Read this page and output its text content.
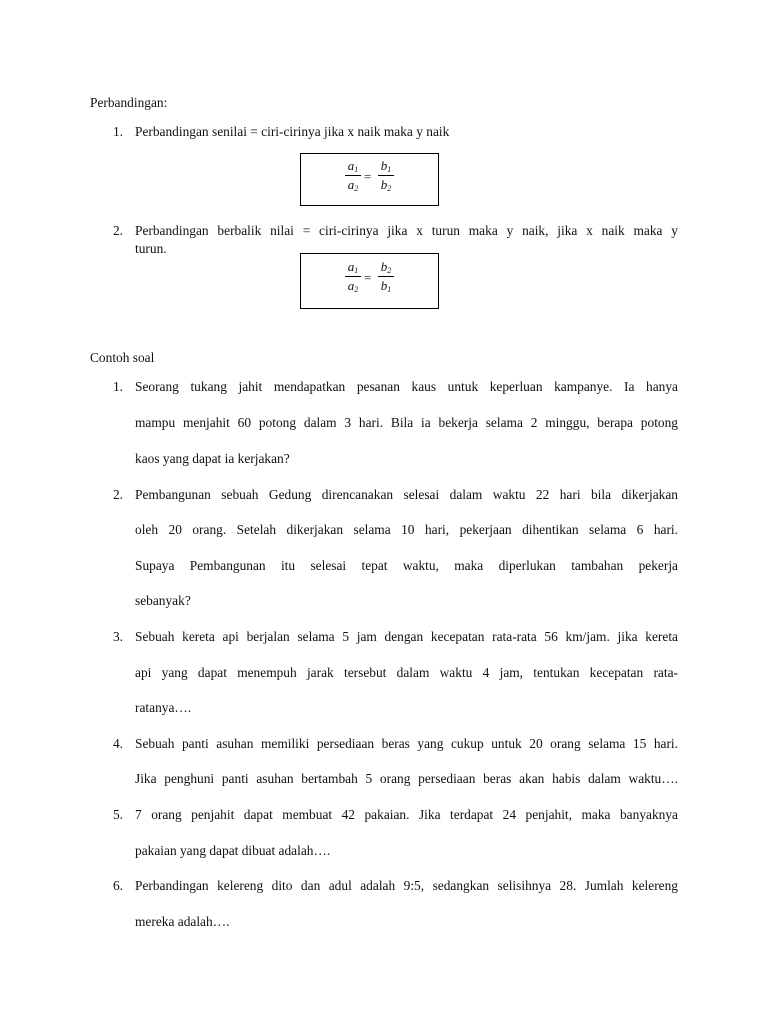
Perbandingan:
1. Perbandingan senilai = ciri-cirinya jika x naik maka y naik
$a_1$
$a_2$
=
$b_1$
$b_2$
2. Perbandingan berbalik nilai = ciri-cirinya jika x turun maka y naik, jika x naik maka y
turun.
$a_1$
$a_2$
=
$b_2$
$b_1$
Contoh soal
1. Seorang tukang jahit mendapatkan pesanan kaus untuk keperluan kampanye. Ia hanya
mampu menjahit 60 potong dalam 3 hari. Bila ia bekerja selama 2 minggu, berapa potong
kaos yang dapat ia kerjakan?
2. Pembangunan sebuah Gedung direncanakan selesai dalam waktu 22 hari bila dikerjakan
oleh 20 orang. Setelah dikerjakan selama 10 hari, pekerjaan dihentikan selama 6 hari.
Supaya Pembangunan itu selesai tepat waktu, maka diperlukan tambahan pekerja
sebanyak?
3. Sebuah kereta api berjalan selama 5 jam dengan kecepatan rata-rata 56 km/jam. jika kereta
api yang dapat menempuh jarak tersebut dalam waktu 4 jam, tentukan kecepatan rata-
ratanya….
4. Sebuah panti asuhan memiliki persediaan beras yang cukup untuk 20 orang selama 15 hari.
Jika penghuni panti asuhan bertambah 5 orang persediaan beras akan habis dalam waktu….
5. 7 orang penjahit dapat membuat 42 pakaian. Jika terdapat 24 penjahit, maka banyaknya
pakaian yang dapat dibuat adalah….
6. Perbandingan kelereng dito dan adul adalah 9:5, sedangkan selisihnya 28. Jumlah kelereng
mereka adalah….
